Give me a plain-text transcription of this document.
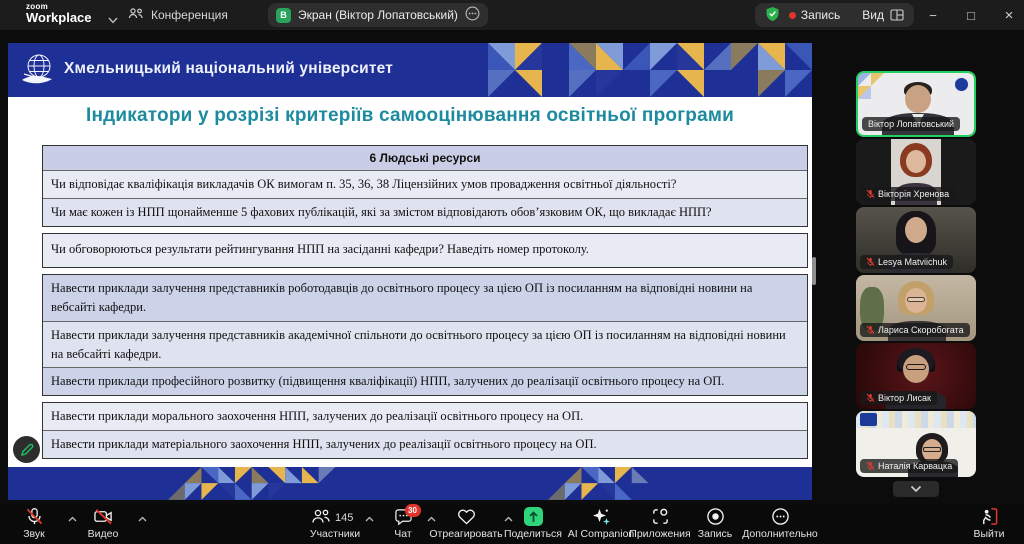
zoom
Workplace	Конференция	B Экран (Віктор Лопатовський)	Запись Вид	− □ ×
Хмельницький національний університет
Індикатори у розрізі критеріїв самооцінювання освітньої програми
6 Людські ресурси
Чи відповідає кваліфікація викладачів ОК вимогам п. 35, 36, 38 Ліцензійних умов провадження освітньої діяльності?
Чи має кожен із НПП щонайменше 5 фахових публікацій, які за змістом відповідають обов’язковим ОК, що викладає НПП?
Чи обговорюються результати рейтингування НПП на засіданні кафедри? Наведіть номер протоколу.
Навести приклади залучення представників роботодавців до освітнього процесу за цією ОП із посиланням на відповідні новини на вебсайті кафедри.
Навести приклади залучення представників академічної спільноти до освітнього процесу за цією ОП із посиланням на відповідні новини на вебсайті кафедри.
Навести приклади професійного розвитку (підвищення кваліфікації) НПП, залучених до реалізації освітнього процесу на ОП.
Навести приклади морального заохочення НПП, залучених до реалізації освітнього процесу на ОП.
Навести приклади матеріального заохочення НПП, залучених до реалізації освітнього процесу на ОП.
Віктор Лопатовський
Вікторія Хренова
Lesya Matviichuk
Лариса Скоробогата
Віктор Лисак
Наталія Карвацка
Звук	Видео
145
Участники
30
Чат Отреагировать Поделиться AI Companion
Приложения Запись Дополнительно	Выйти
